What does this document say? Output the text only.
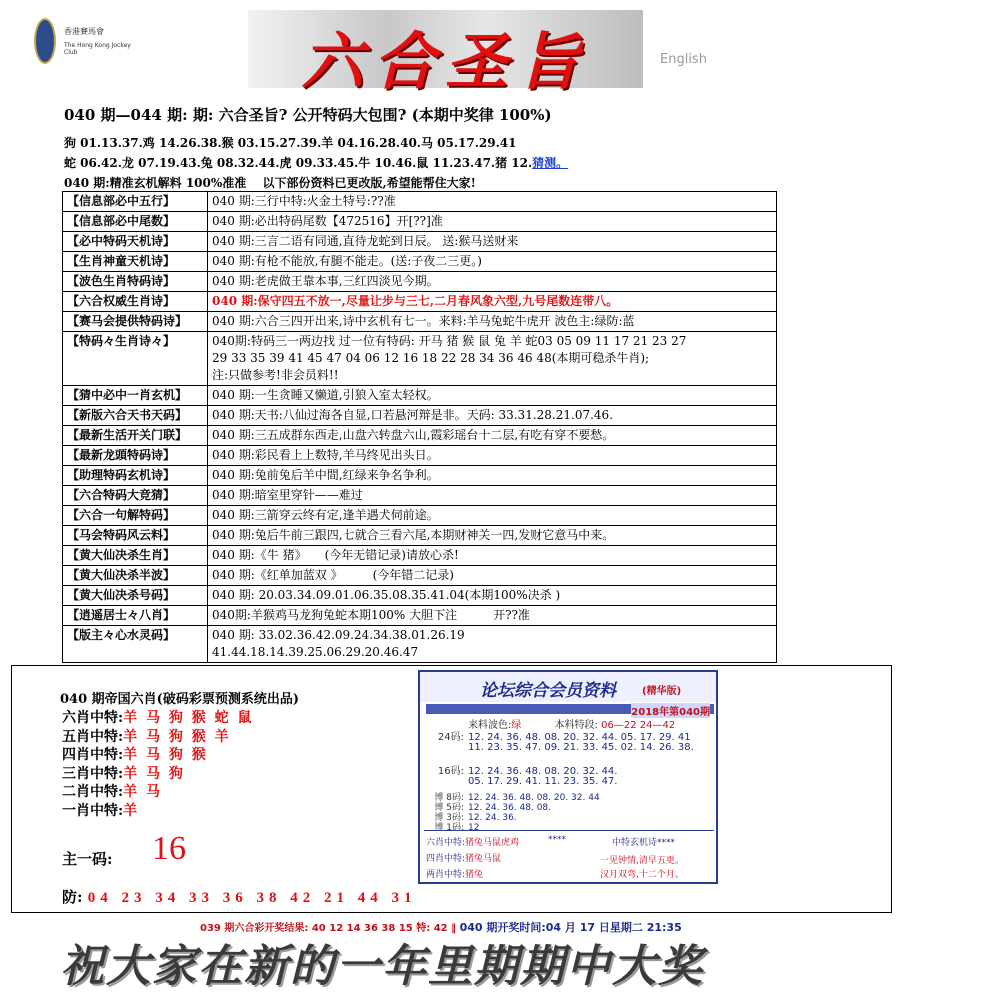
香港賽馬會
The Hong Kong Jockey Club	六合圣旨	English
040 期—044 期: 期: 六合圣旨? 公开特码大包围? (本期中奖律 100%)
狗 01.13.37.鸡 14.26.38.猴 03.15.27.39.羊 04.16.28.40.马 05.17.29.41
蛇 06.42.龙 07.19.43.兔 08.32.44.虎 09.33.45.牛 10.46.鼠 11.23.47.猪 12.猜测。
040 期:精准玄机解料 100%准准　 以下部份资料已更改版,希望能帮住大家!
【信息部必中五行】	040 期:三行中特:火金土特号:??准

【信息部必中尾数】	040 期:必出特码尾数【472516】开[??]准

【必中特码天机诗】	040 期:三言二语有同通,直待龙蛇到日辰。 送:猴马送财来

【生肖神童天机诗】	040 期:有枪不能放,有腿不能走。(送:子夜二三更。)

【波色生肖特码诗】	040 期:老虎做王靠本事,三红四淡见今期。

【六合权威生肖诗】	040 期:保守四五不放一,尽量让步与三七,二月春风象六型,九号尾数连带八。

【赛马会提供特码诗】	040 期:六合三四开出来,诗中玄机有七一。来料:羊马兔蛇牛虎开 波色主:绿防:蓝

【特码々生肖诗々】	040期:特码三一两边找 过一位有特码: 开马 猪 猴 鼠 兔 羊 蛇03 05 09 11 17 21 23 27
29 33 35 39 41 45 47 04 06 12 16 18 22 28 34 36 46 48(本期可稳杀牛肖);
注:只做参考!非会员料!!

【猜中必中一肖玄机】	040 期:一生贪睡又懒道,引狼入室太轻权。

【新版六合天书天码】	040 期:天书:八仙过海各自显,口若悬河辩是非。天码: 33.31.28.21.07.46.

【最新生活开关门联】	040 期:三五成群东西走,山盘六转盘六山,霞彩瑶台十二层,有吃有穿不要愁。

【最新龙頭特码诗】	040 期:彩民看上上数特,羊马终见出头日。

【助理特码玄机诗】	040 期:兔前兔后羊中間,红绿来争名争利。

【六合特码大竞猜】	040 期:暗室里穿针——难过

【六合一句解特码】	040 期:三箭穿云终有定,逢羊遇犬伺前途。

【马会特码风云料】	040 期:兔后牛前三跟四,七就合三看六尾,本期财神关一四,发财它意马中来。

【黄大仙决杀生肖】	040 期:《牛 猪》　　(今年无错记录)请放心杀!

【黄大仙决杀半波】	040 期:《红单加蓝双 》　　　(今年错二记录)

【黄大仙决杀号码】	040 期: 20.03.34.09.01.06.35.08.35.41.04(本期100%决杀 )

【逍遥居士々八肖】	040期:羊猴鸡马龙狗兔蛇本期100% 大胆下注　　　开??准

【版主々心水灵码】	040 期: 33.02.36.42.09.24.34.38.01.26.19
41.44.18.14.39.25.06.29.20.46.47
040 期帝国六肖(破码彩票预测系统出品)
六肖中特:羊 马 狗 猴 蛇 鼠
五肖中特:羊 马 狗 猴 羊
四肖中特:羊 马 狗 猴
三肖中特:羊 马 狗
二肖中特:羊 马
一肖中特:羊
主一码: 16
防: 04 23 34 33 36 38 42 21 44 31
论坛综合会员资料	(精华版)
2018年第040期
来料波色:绿 　　　	本料特段: 06—22 24—42
24码: 12. 24. 36. 48. 08. 20. 32. 44. 05. 17. 29. 41
11. 23. 35. 47. 09. 21. 33. 45. 02. 14. 26. 38.
16码: 12. 24. 36. 48. 08. 20. 32. 44.
05. 17. 29. 41. 11. 23. 35. 47.
博 8码: 12. 24. 36. 48. 08. 20. 32. 44
博 5码: 12. 24. 36. 48. 08.
博 3码: 12. 24. 36.
博 1码: 12
六肖中特:猪兔马鼠虎鸡
四肖中特:猪兔马鼠
两肖中特:猪兔
****	中特玄机诗****
一见钟情,清早五更。
汉月双弯,十二个月。
039 期六合彩开奖结果: 40 12 14 36 38 15 特: 42 ‖ 040 期开奖时间:04 月 17 日星期二 21:35
祝大家在新的一年里期期中大奖
